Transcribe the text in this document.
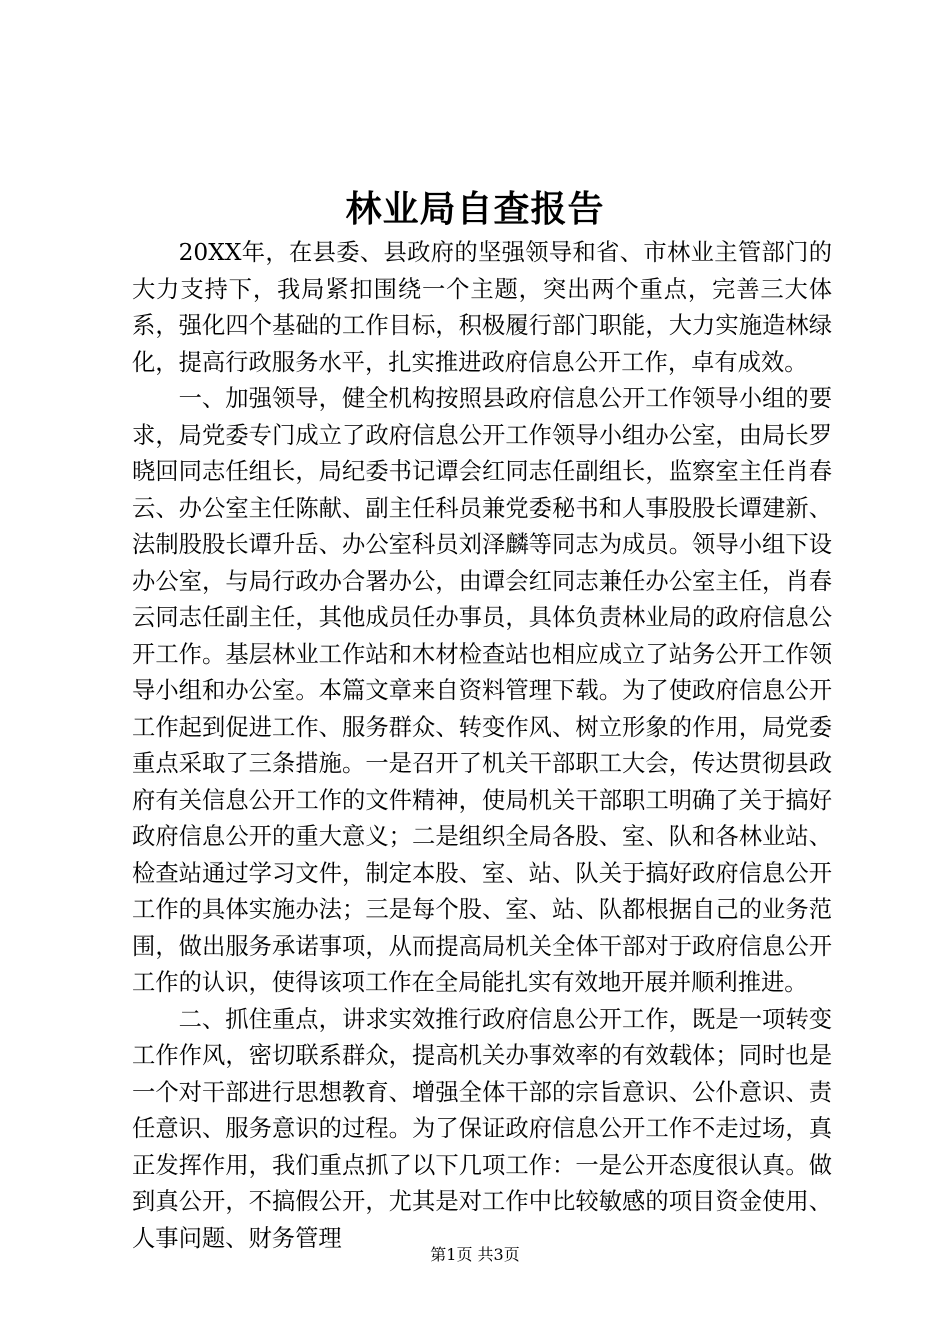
林业局自查报告

20XX年，在县委、县政府的坚强领导和省、市林业主管部门的大力支持下，我局紧扣围绕一个主题，突出两个重点，完善三大体系，强化四个基础的工作目标，积极履行部门职能，大力实施造林绿化，提高行政服务水平，扎实推进政府信息公开工作，卓有成效。

一、加强领导，健全机构按照县政府信息公开工作领导小组的要求，局党委专门成立了政府信息公开工作领导小组办公室，由局长罗晓回同志任组长，局纪委书记谭会红同志任副组长，监察室主任肖春云、办公室主任陈献、副主任科员兼党委秘书和人事股股长谭建新、法制股股长谭升岳、办公室科员刘泽麟等同志为成员。领导小组下设办公室，与局行政办合署办公，由谭会红同志兼任办公室主任，肖春云同志任副主任，其他成员任办事员，具体负责林业局的政府信息公开工作。基层林业工作站和木材检查站也相应成立了站务公开工作领导小组和办公室。本篇文章来自资料管理下载。为了使政府信息公开工作起到促进工作、服务群众、转变作风、树立形象的作用，局党委重点采取了三条措施。一是召开了机关干部职工大会，传达贯彻县政府有关信息公开工作的文件精神，使局机关干部职工明确了关于搞好政府信息公开的重大意义；二是组织全局各股、室、队和各林业站、检查站通过学习文件，制定本股、室、站、队关于搞好政府信息公开工作的具体实施办法；三是每个股、室、站、队都根据自己的业务范围，做出服务承诺事项，从而提高局机关全体干部对于政府信息公开工作的认识，使得该项工作在全局能扎实有效地开展并顺利推进。

二、抓住重点，讲求实效推行政府信息公开工作，既是一项转变工作作风，密切联系群众，提高机关办事效率的有效载体；同时也是一个对干部进行思想教育、增强全体干部的宗旨意识、公仆意识、责任意识、服务意识的过程。为了保证政府信息公开工作不走过场，真正发挥作用，我们重点抓了以下几项工作：一是公开态度很认真。做到真公开，不搞假公开，尤其是对工作中比较敏感的项目资金使用、人事问题、财务管理

第1页 共3页
